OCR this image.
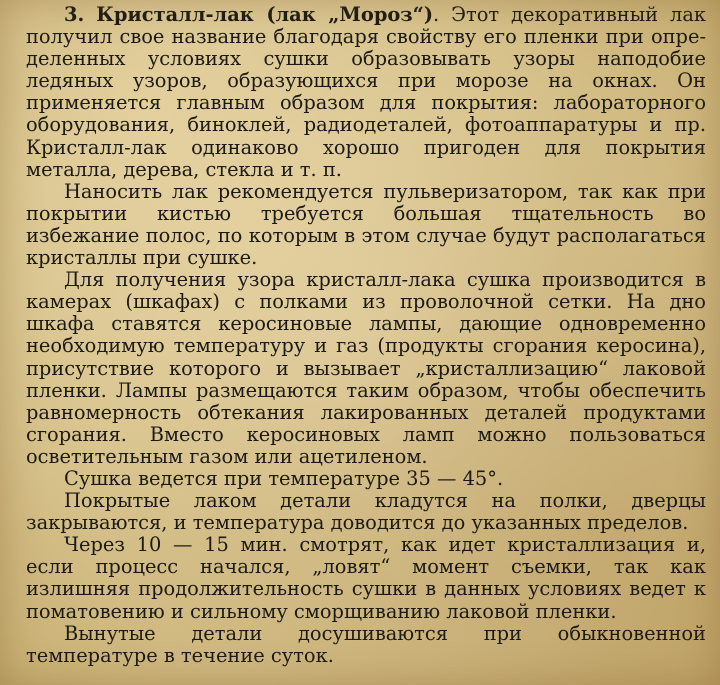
3. Кристалл-лак (лак „Мороз“). Этот декоративный лак получил свое название благодаря свойству его пленки при определенных условиях сушки образовывать узоры наподобие ледяных узоров, образующихся при морозе на окнах. Он применяется главным образом для покрытия: лабораторного оборудования, биноклей, радиодеталей, фотоаппаратуры и пр. Кристалл-лак одинаково хорошо пригоден для покрытия металла, дерева, стекла и т. п.

Наносить лак рекомендуется пульверизатором, так как при покрытии кистью требуется большая тщательность во избежание полос, по которым в этом случае будут располагаться кристаллы при сушке.

Для получения узора кристалл-лака сушка производится в камерах (шкафах) с полками из проволочной сетки. На дно шкафа ставятся керосиновые лампы, дающие одновременно необходимую температуру и газ (продукты сгорания керосина), присутствие которого и вызывает „кристаллизацию“ лаковой пленки. Лампы размещаются таким образом, чтобы обеспечить равномерность обтекания лакированных деталей продуктами сгорания. Вместо керосиновых ламп можно пользоваться осветительным газом или ацетиленом.

Сушка ведется при температуре 35 — 45°.

Покрытые лаком детали кладутся на полки, дверцы закрываются, и температура доводится до указанных пределов.

Через 10 — 15 мин. смотрят, как идет кристаллизация и, если процесс начался, „ловят“ момент съемки, так как излишняя продолжительность сушки в данных условиях ведет к поматовению и сильному сморщиванию лаковой пленки.

Вынутые детали досушиваются при обыкновенной температуре в течение суток.
